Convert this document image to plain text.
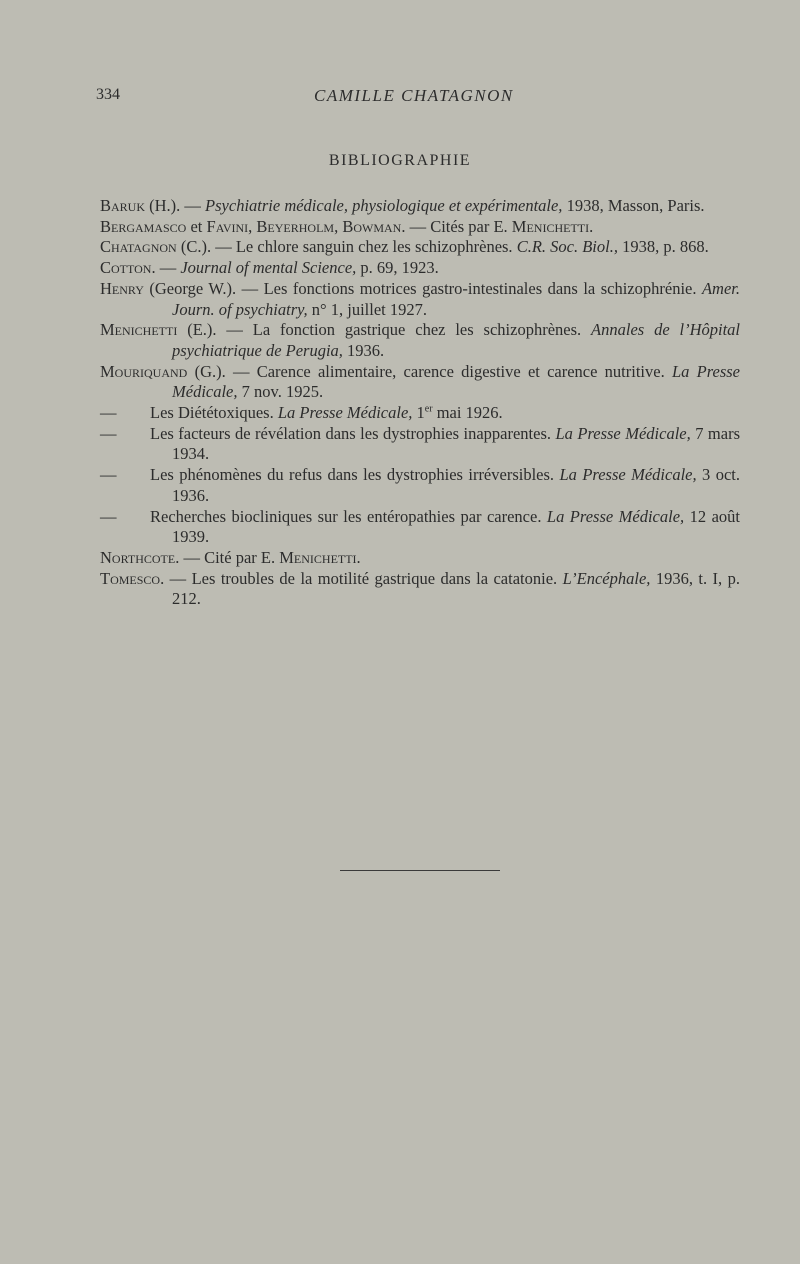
334	CAMILLE CHATAGNON
BIBLIOGRAPHIE

Baruk (H.). — Psychiatrie médicale, physiologique et expérimentale, 1938, Masson, Paris.

Bergamasco et Favini, Beyerholm, Bowman. — Cités par E. Menichetti.

Chatagnon (C.). — Le chlore sanguin chez les schizophrènes. C.R. Soc. Biol., 1938, p. 868.

Cotton. — Journal of mental Science, p. 69, 1923.

Henry (George W.). — Les fonctions motrices gastro-intestinales dans la schizophrénie. Amer. Journ. of psychiatry, n° 1, juillet 1927.

Menichetti (E.). — La fonction gastrique chez les schizophrènes. Annales de l’Hôpital psychiatrique de Perugia, 1936.

Mouriquand (G.). — Carence alimentaire, carence digestive et carence nutritive. La Presse Médicale, 7 nov. 1925.

— Les Diététoxiques. La Presse Médicale, 1er mai 1926.

— Les facteurs de révélation dans les dystrophies inapparentes. La Presse Médicale, 7 mars 1934.

— Les phénomènes du refus dans les dystrophies irréversibles. La Presse Médicale, 3 oct. 1936.

— Recherches biocliniques sur les entéropathies par carence. La Presse Médicale, 12 août 1939.

Northcote. — Cité par E. Menichetti.

Tomesco. — Les troubles de la motilité gastrique dans la catatonie. L’Encéphale, 1936, t. I, p. 212.
